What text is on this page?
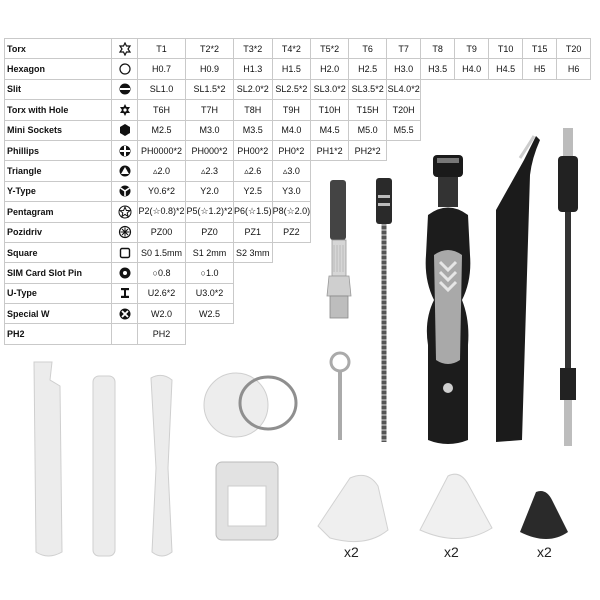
Torx		T1	T2*2	T3*2	T4*2	T5*2	T6	T7	T8	T9	T10	T15	T20
Hexagon		H0.7	H0.9	H1.3	H1.5	H2.0	H2.5	H3.0	H3.5	H4.0	H4.5	H5	H6
Slit		SL1.0	SL1.5*2	SL2.0*2	SL2.5*2	SL3.0*2	SL3.5*2	SL4.0*2					
Torx with Hole		T6H	T7H	T8H	T9H	T10H	T15H	T20H					
Mini Sockets		M2.5	M3.0	M3.5	M4.0	M4.5	M5.0	M5.5					
Phillips		PH0000*2	PH000*2	PH00*2	PH0*2	PH1*2	PH2*2						
Triangle		▵2.0	▵2.3	▵2.6	▵3.0								
Y-Type		Y0.6*2	Y2.0	Y2.5	Y3.0								
Pentagram		P2(☆0.8)*2	P5(☆1.2)*2	P6(☆1.5)	P8(☆2.0)								
Pozidriv		PZ00	PZ0	PZ1	PZ2								
Square		S0 1.5mm	S1 2mm	S2 3mm									
SIM Card Slot Pin		○0.8	○1.0										
U-Type		U2.6*2	U3.0*2										
Special W		W2.0	W2.5										
PH2		PH2											
x2	x2	x2
